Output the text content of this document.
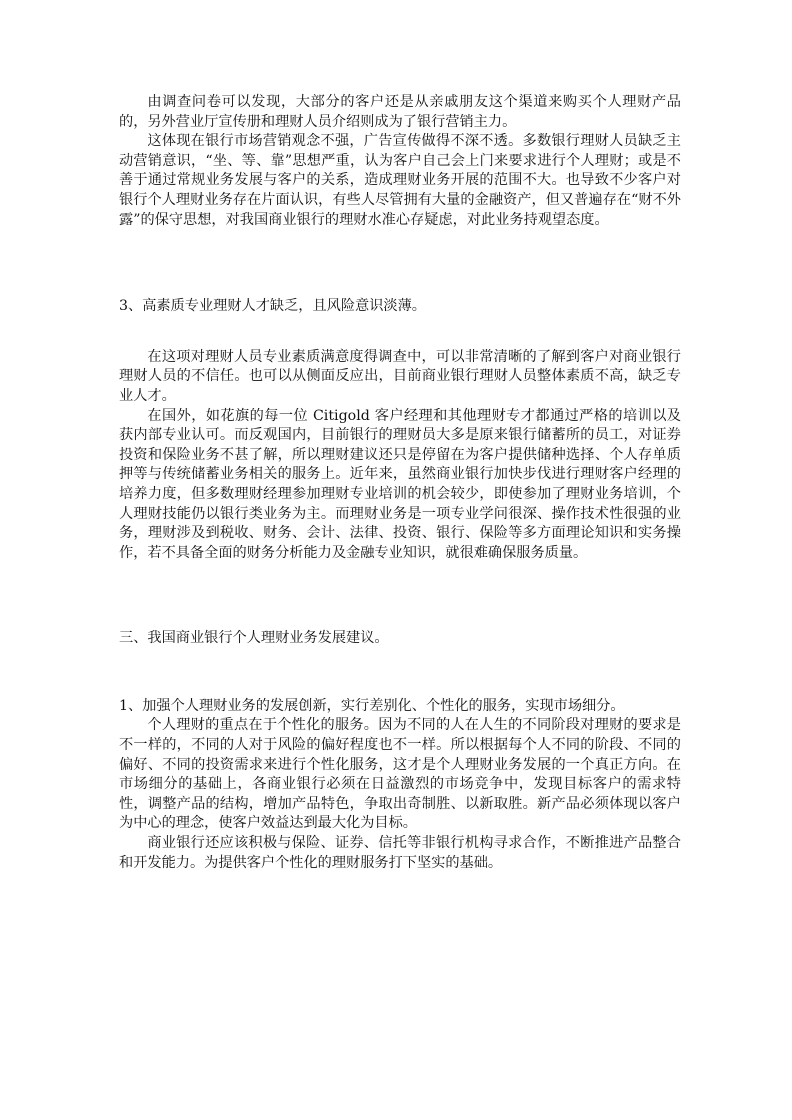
由调查问卷可以发现，大部分的客户还是从亲戚朋友这个渠道来购买个人理财产品的，另外营业厅宣传册和理财人员介绍则成为了银行营销主力。

这体现在银行市场营销观念不强，广告宣传做得不深不透。多数银行理财人员缺乏主动营销意识，“坐、等、靠”思想严重，认为客户自己会上门来要求进行个人理财；或是不善于通过常规业务发展与客户的关系，造成理财业务开展的范围不大。也导致不少客户对银行个人理财业务存在片面认识，有些人尽管拥有大量的金融资产，但又普遍存在“财不外露”的保守思想，对我国商业银行的理财水准心存疑虑，对此业务持观望态度。

3、高素质专业理财人才缺乏，且风险意识淡薄。

在这项对理财人员专业素质满意度得调查中，可以非常清晰的了解到客户对商业银行理财人员的不信任。也可以从侧面反应出，目前商业银行理财人员整体素质不高，缺乏专业人才。

在国外，如花旗的每一位 Citigold 客户经理和其他理财专才都通过严格的培训以及获内部专业认可。而反观国内，目前银行的理财员大多是原来银行储蓄所的员工，对证券投资和保险业务不甚了解，所以理财建议还只是停留在为客户提供储种选择、个人存单质押等与传统储蓄业务相关的服务上。近年来，虽然商业银行加快步伐进行理财客户经理的培养力度，但多数理财经理参加理财专业培训的机会较少，即使参加了理财业务培训，个人理财技能仍以银行类业务为主。而理财业务是一项专业学问很深、操作技术性很强的业务，理财涉及到税收、财务、会计、法律、投资、银行、保险等多方面理论知识和实务操作，若不具备全面的财务分析能力及金融专业知识，就很难确保服务质量。

三、我国商业银行个人理财业务发展建议。

1、加强个人理财业务的发展创新，实行差别化、个性化的服务，实现市场细分。

个人理财的重点在于个性化的服务。因为不同的人在人生的不同阶段对理财的要求是不一样的，不同的人对于风险的偏好程度也不一样。所以根据每个人不同的阶段、不同的偏好、不同的投资需求来进行个性化服务，这才是个人理财业务发展的一个真正方向。在市场细分的基础上，各商业银行必须在日益激烈的市场竞争中，发现目标客户的需求特性，调整产品的结构，增加产品特色，争取出奇制胜、以新取胜。新产品必须体现以客户为中心的理念，使客户效益达到最大化为目标。

商业银行还应该积极与保险、证券、信托等非银行机构寻求合作，不断推进产品整合和开发能力。为提供客户个性化的理财服务打下坚实的基础。
